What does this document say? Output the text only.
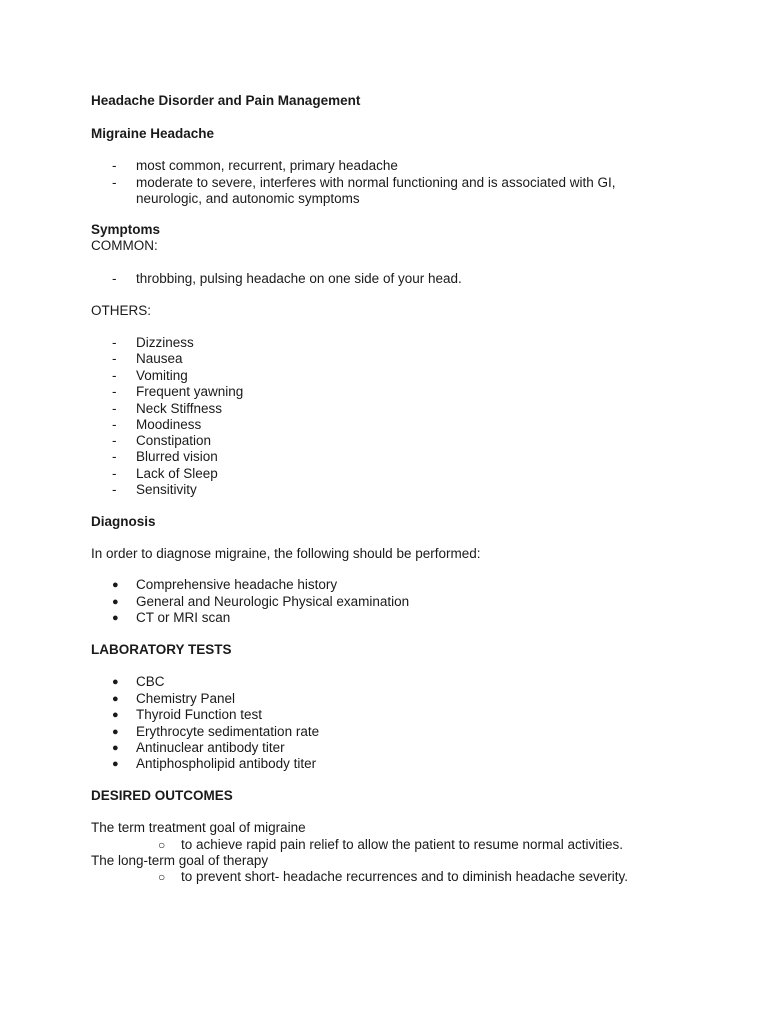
Headache Disorder and Pain Management
Migraine Headache
-	most common, recurrent, primary headache
-	moderate to severe, interferes with normal functioning and is associated with GI,
neurologic, and autonomic symptoms
Symptoms
COMMON:
-	throbbing, pulsing headache on one side of your head.
OTHERS:
-	Dizziness
-	Nausea
-	Vomiting
-	Frequent yawning
-	Neck Stiffness
-	Moodiness
-	Constipation
-	Blurred vision
-	Lack of Sleep
-	Sensitivity
Diagnosis
In order to diagnose migraine, the following should be performed:
●	Comprehensive headache history
●	General and Neurologic Physical examination
●	CT or MRI scan
LABORATORY TESTS
●	CBC
●	Chemistry Panel
●	Thyroid Function test
●	Erythrocyte sedimentation rate
●	Antinuclear antibody titer
●	Antiphospholipid antibody titer
DESIRED OUTCOMES
The term treatment goal of migraine
○ to achieve rapid pain relief to allow the patient to resume normal activities.
The long-term goal of therapy
○ to prevent short- headache recurrences and to diminish headache severity.
